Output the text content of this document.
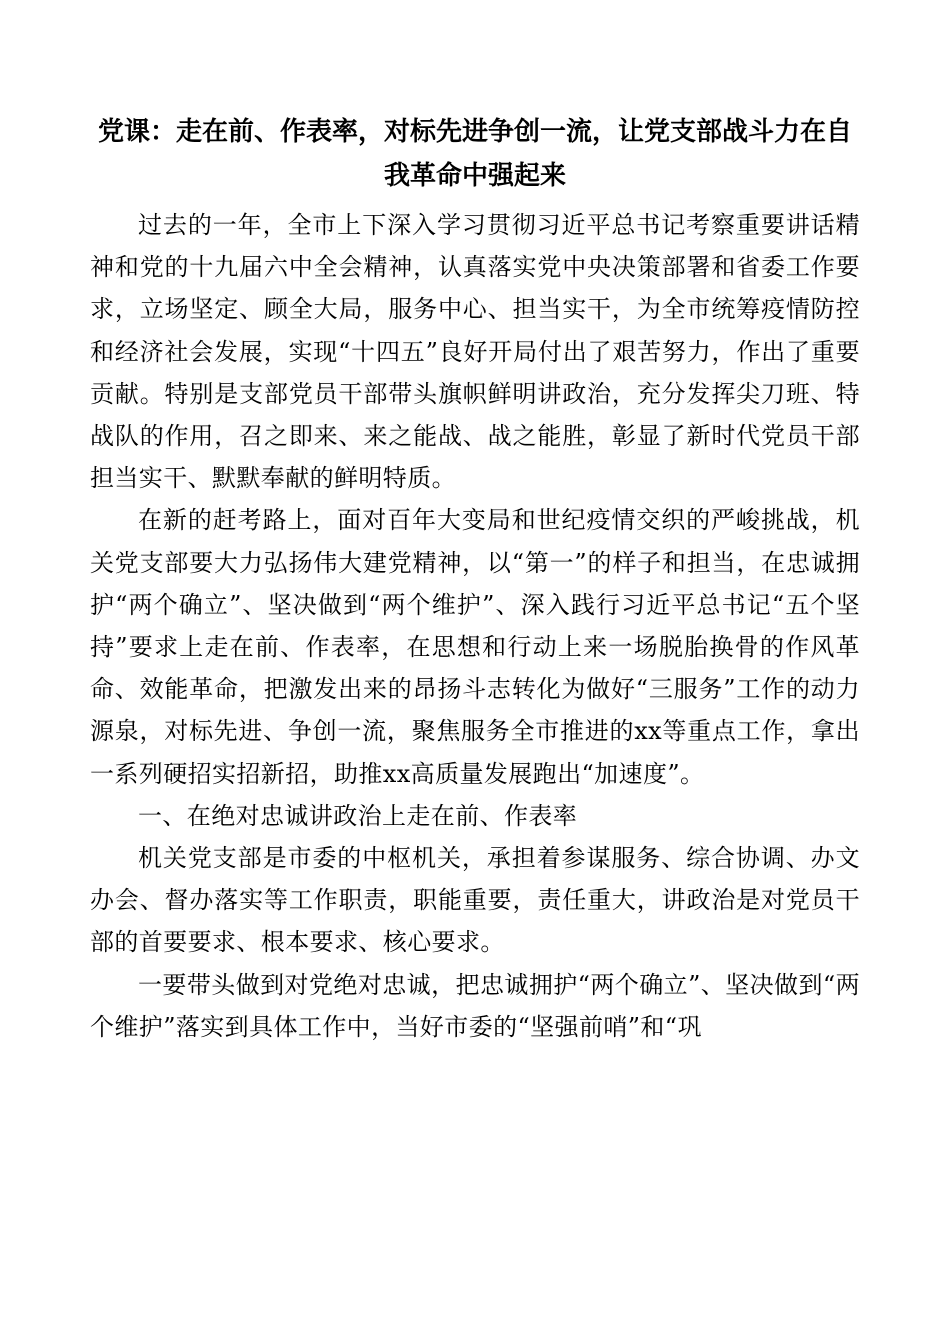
党课：走在前、作表率，对标先进争创一流，让党支部战斗力在自我革命中强起来

过去的一年，全市上下深入学习贯彻习近平总书记考察重要讲话精神和党的十九届六中全会精神，认真落实党中央决策部署和省委工作要求，立场坚定、顾全大局，服务中心、担当实干，为全市统筹疫情防控和经济社会发展，实现“十四五”良好开局付出了艰苦努力，作出了重要贡献。特别是支部党员干部带头旗帜鲜明讲政治，充分发挥尖刀班、特战队的作用，召之即来、来之能战、战之能胜，彰显了新时代党员干部担当实干、默默奉献的鲜明特质。

在新的赶考路上，面对百年大变局和世纪疫情交织的严峻挑战，机关党支部要大力弘扬伟大建党精神，以“第一”的样子和担当，在忠诚拥护“两个确立”、坚决做到“两个维护”、深入践行习近平总书记“五个坚持”要求上走在前、作表率，在思想和行动上来一场脱胎换骨的作风革命、效能革命，把激发出来的昂扬斗志转化为做好“三服务”工作的动力源泉，对标先进、争创一流，聚焦服务全市推进的xx等重点工作，拿出一系列硬招实招新招，助推xx高质量发展跑出“加速度”。

一、在绝对忠诚讲政治上走在前、作表率

机关党支部是市委的中枢机关，承担着参谋服务、综合协调、办文办会、督办落实等工作职责，职能重要，责任重大，讲政治是对党员干部的首要要求、根本要求、核心要求。

一要带头做到对党绝对忠诚，把忠诚拥护“两个确立”、坚决做到“两个维护”落实到具体工作中，当好市委的“坚强前哨”和“巩
